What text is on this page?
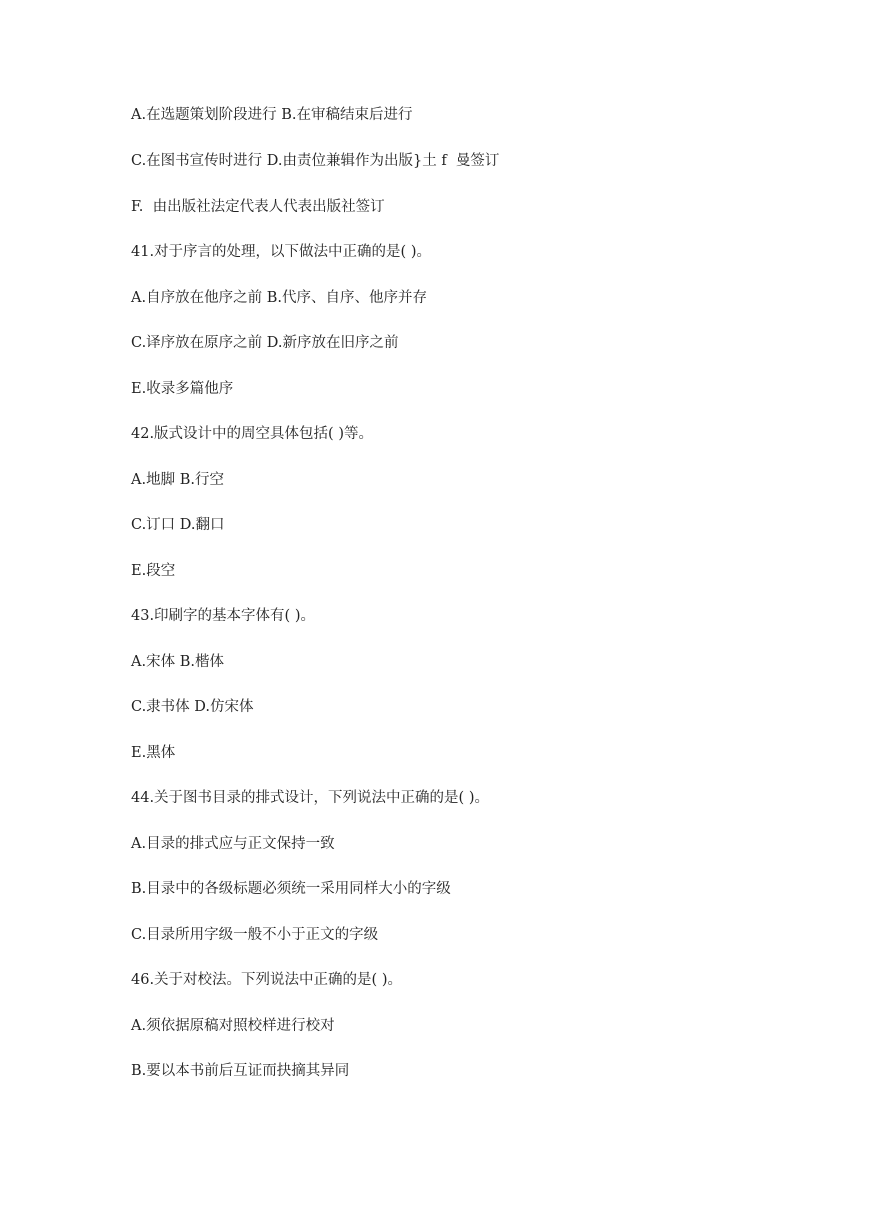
A.在选题策划阶段进行 B.在审稿结束后进行

C.在图书宣传时进行 D.由责位兼辑作为出版}土 f  曼签订

F.  由出版社法定代表人代表出版社签订

41.对于序言的处理，以下做法中正确的是( )。

A.自序放在他序之前 B.代序、自序、他序并存

C.译序放在原序之前 D.新序放在旧序之前

E.收录多篇他序

42.版式设计中的周空具体包括( )等。

A.地脚 B.行空

C.订口 D.翻口

E.段空

43.印刷字的基本字体有( )。

A.宋体 B.楷体

C.隶书体 D.仿宋体

E.黑体

44.关于图书目录的排式设计，下列说法中正确的是( )。

A.目录的排式应与正文保持一致

B.目录中的各级标题必须统一采用同样大小的字级

C.目录所用字级一般不小于正文的字级

46.关于对校法。下列说法中正确的是( )。

A.须依据原稿对照校样进行校对

B.要以本书前后互证而抉摘其异同
